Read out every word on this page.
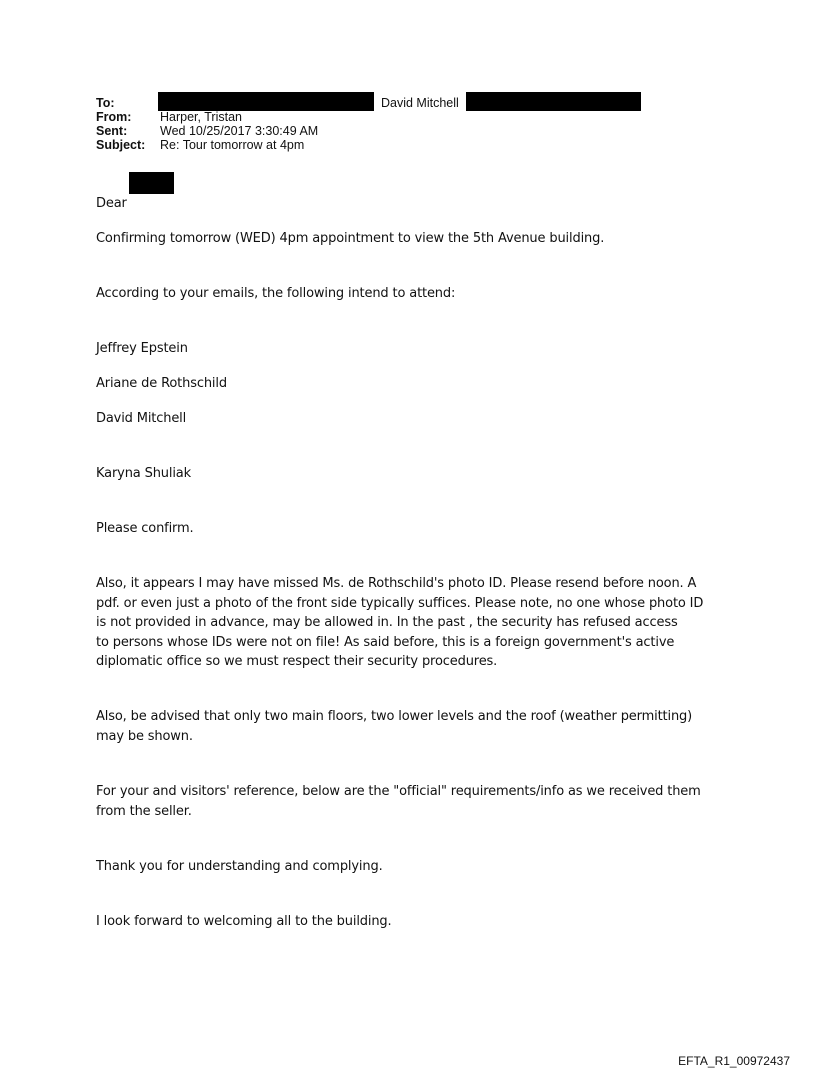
To:	David Mitchell
From: Harper, Tristan
Sent:	Wed 10/25/2017 3:30:49 AM
Subject: Re: Tour tomorrow at 4pm

Dear

Confirming tomorrow (WED) 4pm appointment to view the 5th Avenue building.
According to your emails, the following intend to attend:
Jeffrey Epstein
Ariane de Rothschild
David Mitchell
Karyna Shuliak
Please confirm.
Also, it appears I may have missed Ms. de Rothschild's photo ID. Please resend before noon. A
pdf. or even just a photo of the front side typically suffices. Please note, no one whose photo ID
is not provided in advance, may be allowed in. In the past , the security has refused access
to persons whose IDs were not on file! As said before, this is a foreign government's active
diplomatic office so we must respect their security procedures.
Also, be advised that only two main floors, two lower levels and the roof (weather permitting)
may be shown.
For your and visitors' reference, below are the "official" requirements/info as we received them
from the seller.
Thank you for understanding and complying.
I look forward to welcoming all to the building.
EFTA_R1_00972437
